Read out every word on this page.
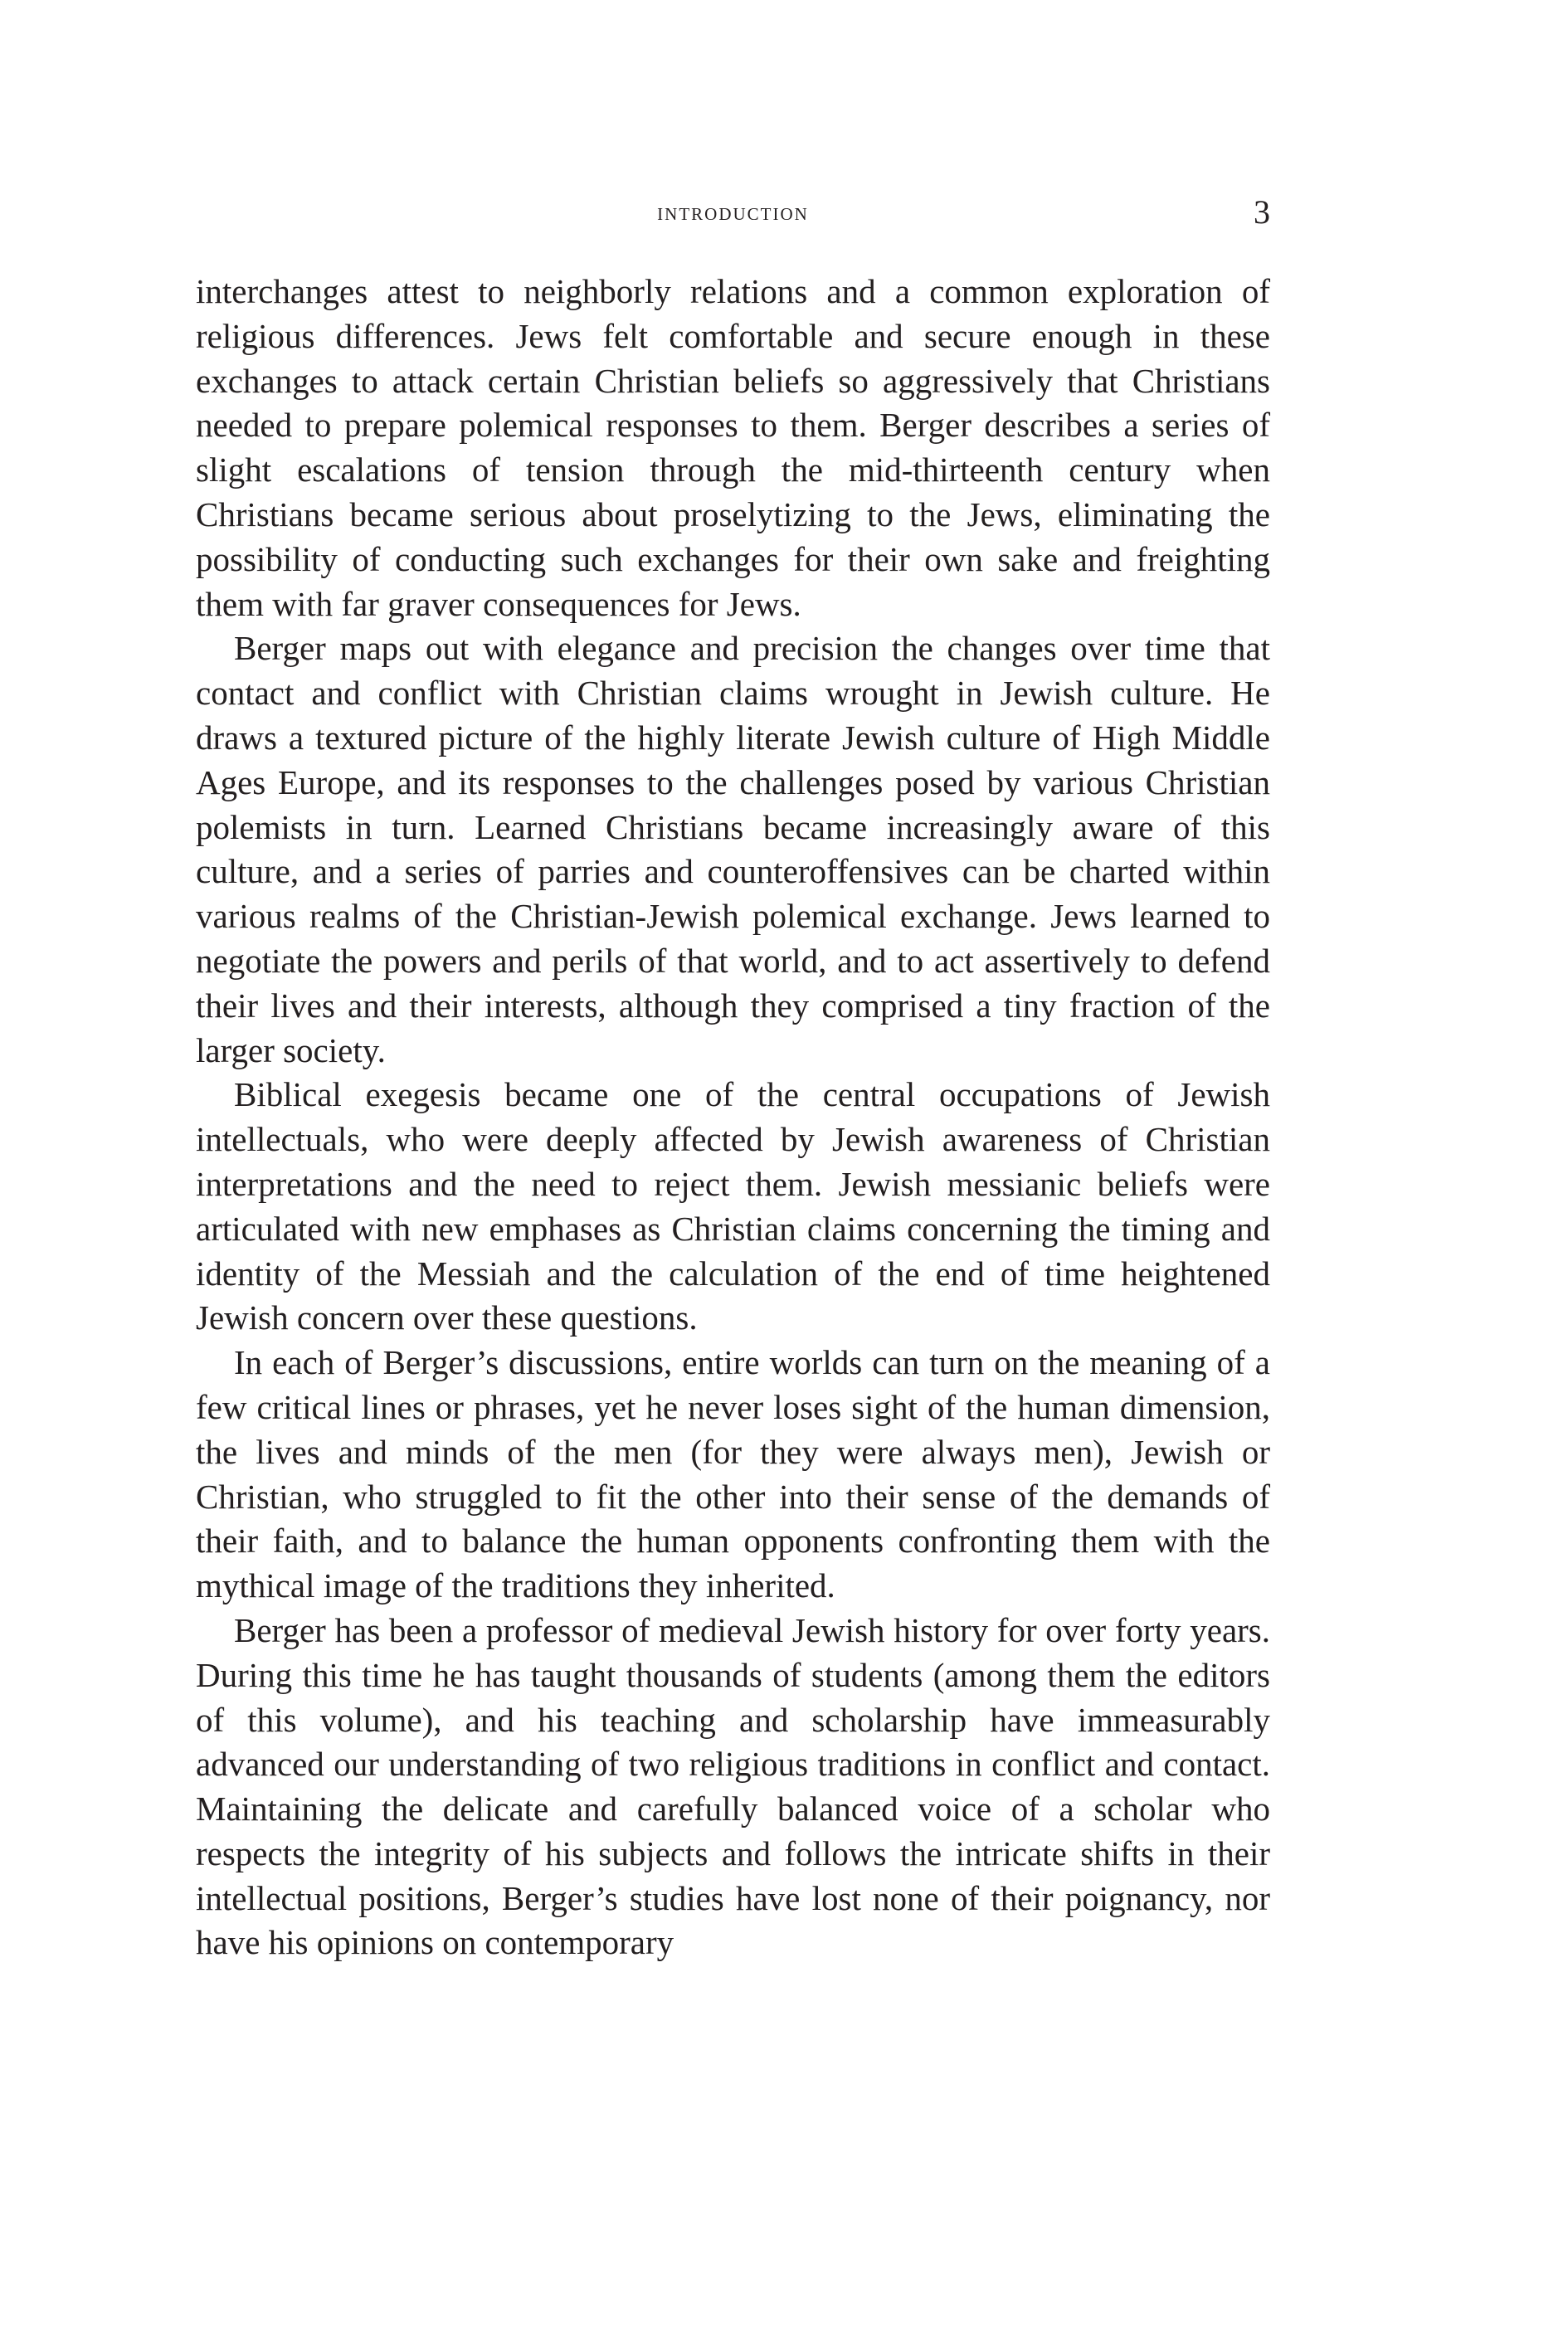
introduction	3

interchanges attest to neighborly relations and a common exploration of religious differences. Jews felt comfortable and secure enough in these exchanges to attack certain Christian beliefs so aggressively that Christians needed to prepare polemical responses to them. Berger describes a series of slight escalations of tension through the mid-thirteenth century when Christians became serious about proselytizing to the Jews, eliminating the possibility of conducting such exchanges for their own sake and freighting them with far graver consequences for Jews.

Berger maps out with elegance and precision the changes over time that contact and conflict with Christian claims wrought in Jewish culture. He draws a textured picture of the highly literate Jewish culture of High Middle Ages Europe, and its responses to the challenges posed by various Christian polemists in turn. Learned Christians became increasingly aware of this culture, and a series of parries and counteroffensives can be charted within various realms of the Christian-Jewish polemical exchange. Jews learned to negotiate the powers and perils of that world, and to act assertively to defend their lives and their interests, although they comprised a tiny fraction of the larger society.

Biblical exegesis became one of the central occupations of Jewish intellectuals, who were deeply affected by Jewish awareness of Christian interpretations and the need to reject them. Jewish messianic beliefs were articulated with new emphases as Christian claims concerning the timing and identity of the Messiah and the calculation of the end of time heightened Jewish concern over these questions.

In each of Berger’s discussions, entire worlds can turn on the meaning of a few critical lines or phrases, yet he never loses sight of the human dimension, the lives and minds of the men (for they were always men), Jewish or Christian, who struggled to fit the other into their sense of the demands of their faith, and to balance the human opponents confronting them with the mythical image of the traditions they inherited.

Berger has been a professor of medieval Jewish history for over forty years. During this time he has taught thousands of students (among them the editors of this volume), and his teaching and scholarship have immeasurably advanced our understanding of two religious traditions in conflict and contact. Maintaining the delicate and carefully balanced voice of a scholar who respects the integrity of his subjects and follows the intricate shifts in their intellectual positions, Berger’s studies have lost none of their poignancy, nor have his opinions on contemporary
